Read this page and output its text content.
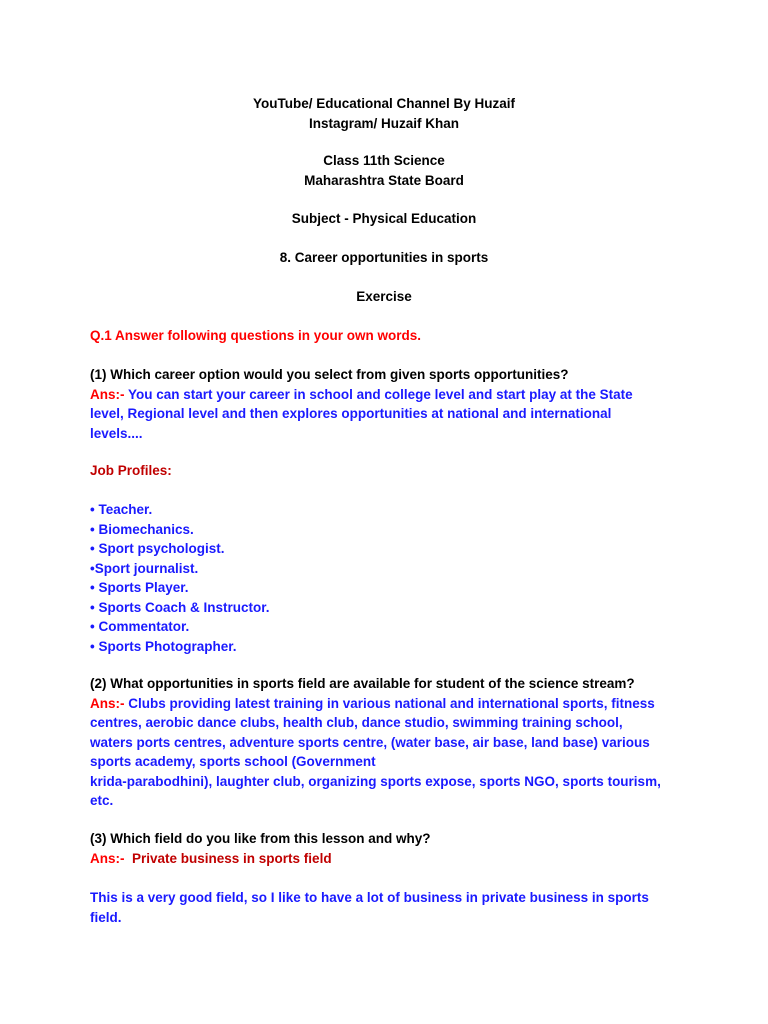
YouTube/ Educational Channel By Huzaif
Instagram/ Huzaif Khan
Class 11th Science
Maharashtra State Board
Subject - Physical Education
8. Career opportunities in sports
Exercise
Q.1 Answer following questions in your own words.
(1) Which career option would you select from given sports opportunities?
Ans:- You can start your career in school and college level and start play at the State
level, Regional level and then explores opportunities at national and international
levels....
Job Profiles:
• Teacher.
• Biomechanics.
• Sport psychologist.
•Sport journalist.
• Sports Player.
• Sports Coach & Instructor.
• Commentator.
• Sports Photographer.
(2) What opportunities in sports field are available for student of the science stream?
Ans:- Clubs providing latest training in various national and international sports, fitness
centres, aerobic dance clubs, health club, dance studio, swimming training school,
waters ports centres, adventure sports centre, (water base, air base, land base) various
sports academy, sports school (Government
krida-parabodhini), laughter club, organizing sports expose, sports NGO, sports tourism,
etc.
(3) Which field do you like from this lesson and why?
Ans:-  Private business in sports field
This is a very good field, so I like to have a lot of business in private business in sports
field.
